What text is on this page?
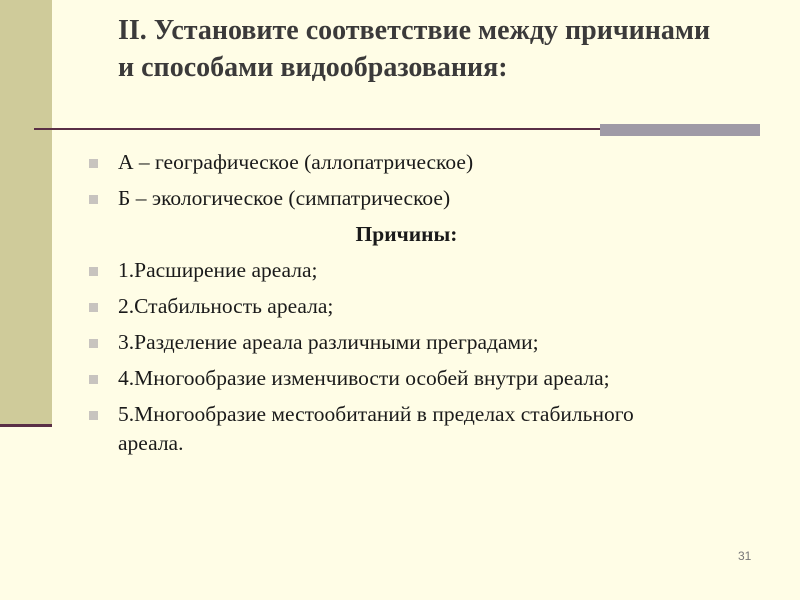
II. Установите соответствие между причинами
и способами видообразования:
А – географическое (аллопатрическое)
Б – экологическое (симпатрическое)
Причины:
1.Расширение ареала;
2.Стабильность ареала;
3.Разделение ареала различными преградами;
4.Многообразие изменчивости особей внутри ареала;
5.Многообразие местообитаний в пределах стабильного ареала.
31
